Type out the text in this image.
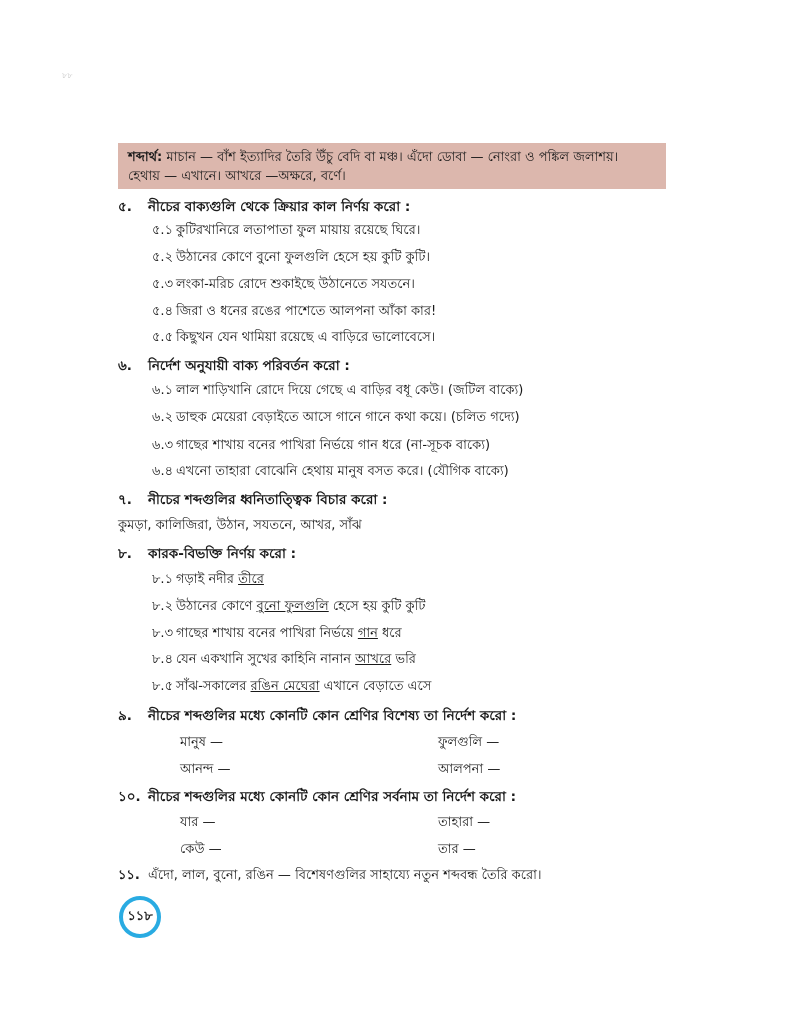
৮৮
শব্দার্থ: মাচান — বাঁশ ইত্যাদির তৈরি উঁচু বেদি বা মঞ্চ। এঁদো ডোবা — নোংরা ও পঙ্কিল জলাশয়।
হেথায় — এখানে। আখরে —অক্ষরে, বর্ণে।
৫. নীচের বাক্যগুলি থেকে ক্রিয়ার কাল নির্ণয় করো :
৫.১ কুটিরখানিরে লতাপাতা ফুল মায়ায় রয়েছে ঘিরে।
৫.২ উঠানের কোণে বুনো ফুলগুলি হেসে হয় কুটি কুটি।
৫.৩ লংকা-মরিচ রোদে শুকাইছে উঠানেতে সযতনে।
৫.৪ জিরা ও ধনের রঙের পাশেতে আলপনা আঁকা কার!
৫.৫ কিছুখন যেন থামিয়া রয়েছে এ বাড়িরে ভালোবেসে।
৬. নির্দেশ অনুযায়ী বাক্য পরিবর্তন করো :
৬.১ লাল শাড়িখানি রোদে দিয়ে গেছে এ বাড়ির বধূ কেউ। (জটিল বাক্যে)
৬.২ ডাহুক মেয়েরা বেড়াইতে আসে গানে গানে কথা কয়ে। (চলিত গদ্যে)
৬.৩ গাছের শাখায় বনের পাখিরা নির্ভয়ে গান ধরে (না-সূচক বাক্যে)
৬.৪ এখনো তাহারা বোঝেনি হেথায় মানুষ বসত করে। (যৌগিক বাক্যে)
৭. নীচের শব্দগুলির ধ্বনিতাত্ত্বিক বিচার করো :
কুমড়া, কালিজিরা, উঠান, সযতনে, আখর, সাঁঝ
৮. কারক-বিভক্তি নির্ণয় করো :
৮.১ গড়াই নদীর তীরে
৮.২ উঠানের কোণে বুনো ফুলগুলি হেসে হয় কুটি কুটি
৮.৩ গাছের শাখায় বনের পাখিরা নির্ভয়ে গান ধরে
৮.৪ যেন একখানি সুখের কাহিনি নানান আখরে ভরি
৮.৫ সাঁঝ-সকালের রঙিন মেঘেরা এখানে বেড়াতে এসে
৯. নীচের শব্দগুলির মধ্যে কোনটি কোন শ্রেণির বিশেষ্য তা নির্দেশ করো :
মানুষ —	ফুলগুলি —
আনন্দ —	আলপনা —
১০. নীচের শব্দগুলির মধ্যে কোনটি কোন শ্রেণির সর্বনাম তা নির্দেশ করো :
যার —	তাহারা —
কেউ —	তার —
১১. এঁদো, লাল, বুনো, রঙিন — বিশেষণগুলির সাহায্যে নতুন শব্দবন্ধ তৈরি করো।
১১৮
